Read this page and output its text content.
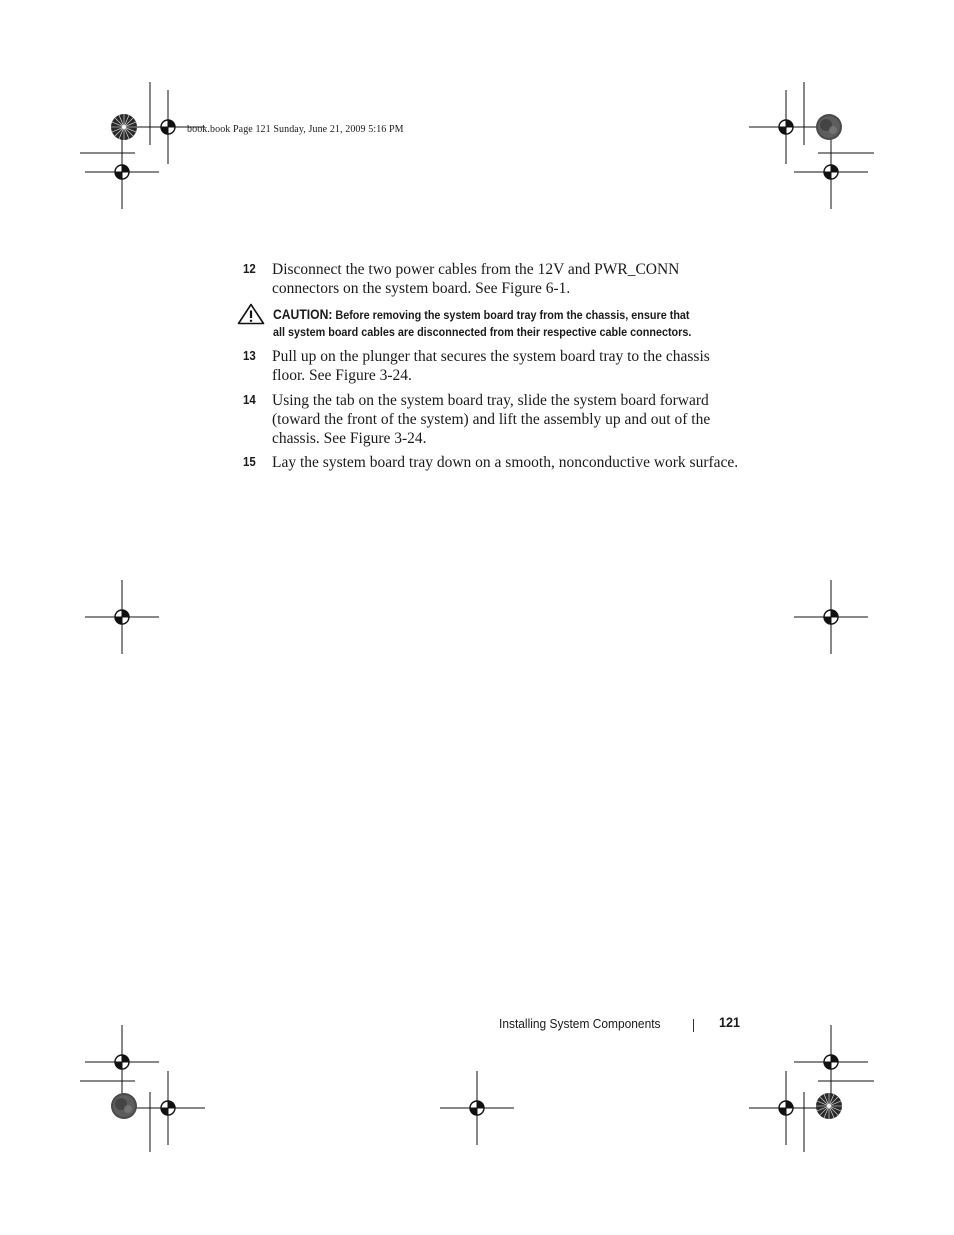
book.book Page 121 Sunday, June 21, 2009 5:16 PM
12	Disconnect the two power cables from the 12V and PWR_CONN
connectors on the system board. See Figure 6-1.
CAUTION: Before removing the system board tray from the chassis, ensure that
all system board cables are disconnected from their respective cable connectors.
13	Pull up on the plunger that secures the system board tray to the chassis
floor. See Figure 3-24.
14	Using the tab on the system board tray, slide the system board forward
(toward the front of the system) and lift the assembly up and out of the
chassis. See Figure 3-24.
15	Lay the system board tray down on a smooth, nonconductive work surface.
Installing System Components	121
